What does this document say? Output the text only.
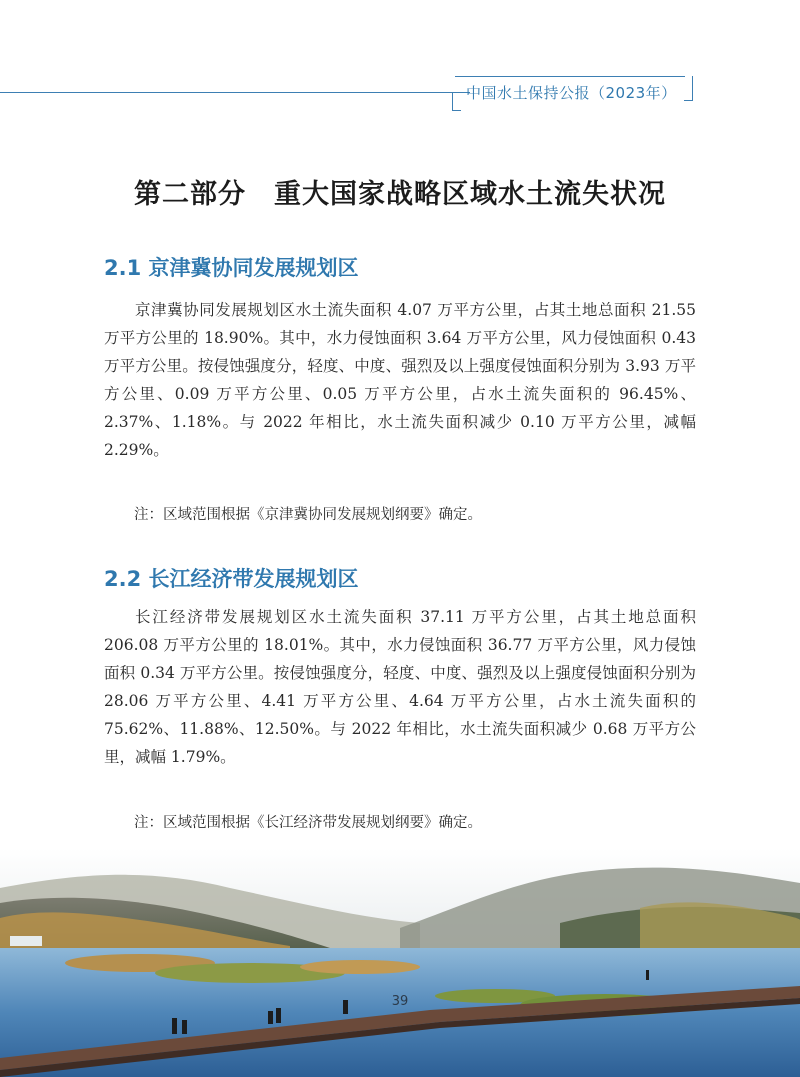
中国水土保持公报（2023年）
第二部分　重大国家战略区域水土流失状况
2.1 京津冀协同发展规划区
京津冀协同发展规划区水土流失面积 4.07 万平方公里，占其土地总面积 21.55 万平方公里的 18.90%。其中，水力侵蚀面积 3.64 万平方公里，风力侵蚀面积 0.43 万平方公里。按侵蚀强度分，轻度、中度、强烈及以上强度侵蚀面积分别为 3.93 万平方公里、0.09 万平方公里、0.05 万平方公里，占水土流失面积的 96.45%、2.37%、1.18%。与 2022 年相比，水土流失面积减少 0.10 万平方公里，减幅 2.29%。
注：区域范围根据《京津冀协同发展规划纲要》确定。
2.2 长江经济带发展规划区
长江经济带发展规划区水土流失面积 37.11 万平方公里，占其土地总面积 206.08 万平方公里的 18.01%。其中，水力侵蚀面积 36.77 万平方公里，风力侵蚀面积 0.34 万平方公里。按侵蚀强度分，轻度、中度、强烈及以上强度侵蚀面积分别为 28.06 万平方公里、4.41 万平方公里、4.64 万平方公里，占水土流失面积的 75.62%、11.88%、12.50%。与 2022 年相比，水土流失面积减少 0.68 万平方公里，减幅 1.79%。
注：区域范围根据《长江经济带发展规划纲要》确定。
39
